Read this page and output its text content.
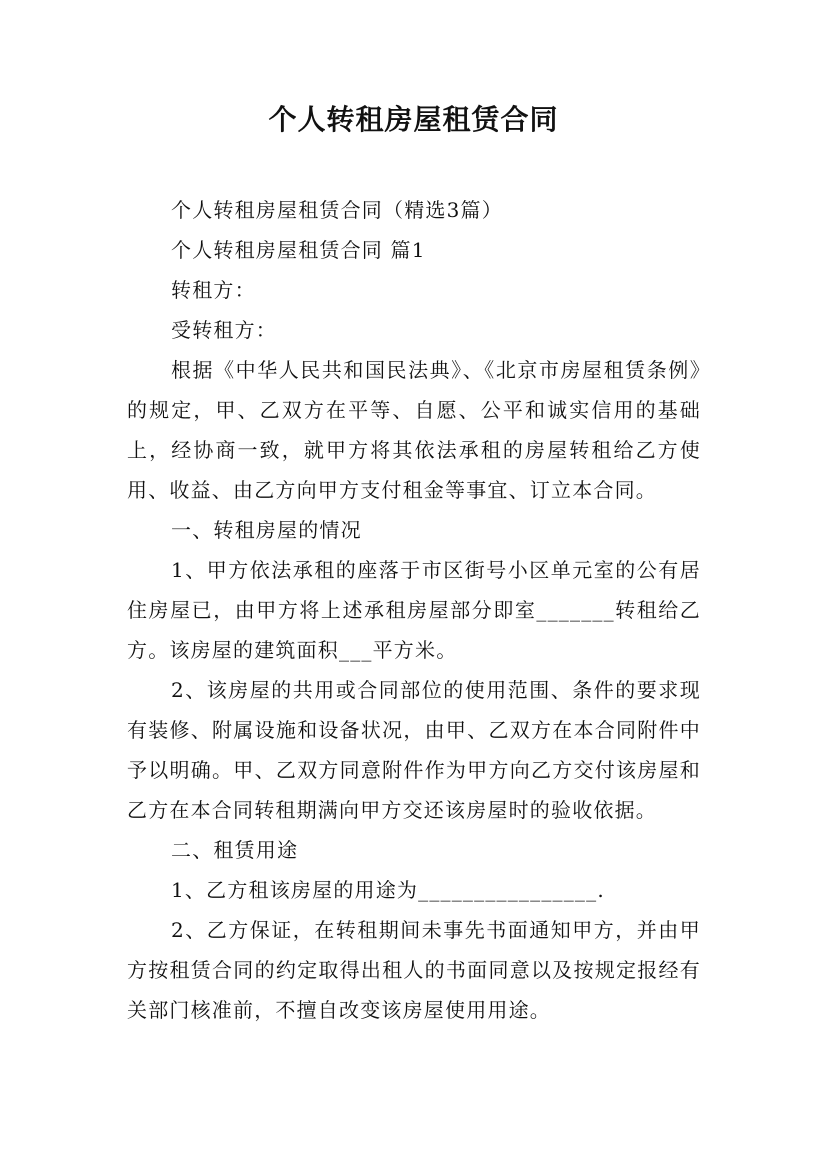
个人转租房屋租赁合同

个人转租房屋租赁合同（精选3篇）

个人转租房屋租赁合同 篇1

转租方：

受转租方：

根据《中华人民共和国民法典》、《北京市房屋租赁条例》的规定，甲、乙双方在平等、自愿、公平和诚实信用的基础上，经协商一致，就甲方将其依法承租的房屋转租给乙方使用、收益、由乙方向甲方支付租金等事宜、订立本合同。

一、转租房屋的情况

1、甲方依法承租的座落于市区街号小区单元室的公有居住房屋已，由甲方将上述承租房屋部分即室_______转租给乙方。该房屋的建筑面积___平方米。

2、该房屋的共用或合同部位的使用范围、条件的要求现有装修、附属设施和设备状况，由甲、乙双方在本合同附件中予以明确。甲、乙双方同意附件作为甲方向乙方交付该房屋和乙方在本合同转租期满向甲方交还该房屋时的验收依据。

二、租赁用途

1、乙方租该房屋的用途为________________.

2、乙方保证，在转租期间未事先书面通知甲方，并由甲方按租赁合同的约定取得出租人的书面同意以及按规定报经有关部门核准前，不擅自改变该房屋使用用途。
